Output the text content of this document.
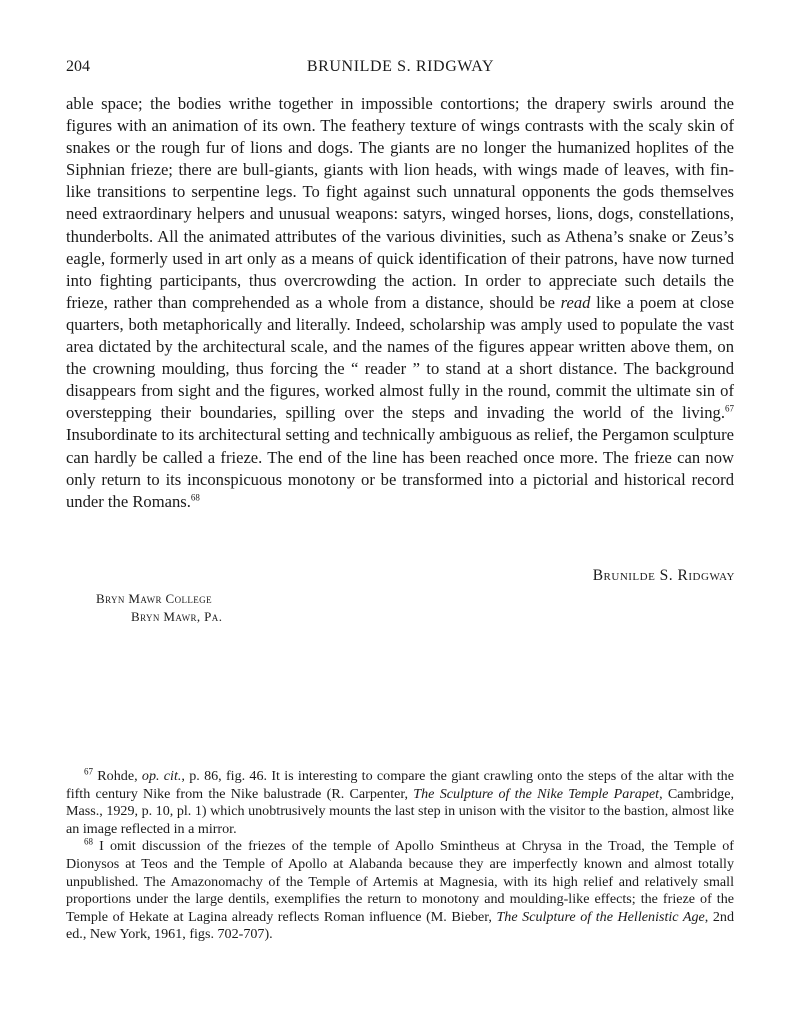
204	BRUNILDE S. RIDGWAY

able space; the bodies writhe together in impossible contortions; the drapery swirls around the figures with an animation of its own. The feathery texture of wings contrasts with the scaly skin of snakes or the rough fur of lions and dogs. The giants are no longer the humanized hoplites of the Siphnian frieze; there are bull-giants, giants with lion heads, with wings made of leaves, with fin-like transitions to serpentine legs. To fight against such unnatural opponents the gods themselves need extraordinary helpers and unusual weapons: satyrs, winged horses, lions, dogs, constellations, thunderbolts. All the animated attributes of the various divinities, such as Athena’s snake or Zeus’s eagle, formerly used in art only as a means of quick identification of their patrons, have now turned into fighting participants, thus overcrowding the action. In order to appreciate such details the frieze, rather than comprehended as a whole from a distance, should be read like a poem at close quarters, both metaphorically and literally. Indeed, scholarship was amply used to populate the vast area dictated by the architectural scale, and the names of the figures appear written above them, on the crowning moulding, thus forcing the “ reader ” to stand at a short distance. The background disappears from sight and the figures, worked almost fully in the round, commit the ultimate sin of overstepping their boundaries, spilling over the steps and invading the world of the living.$^{67}$ Insubordinate to its architectural setting and technically ambiguous as relief, the Pergamon sculpture can hardly be called a frieze. The end of the line has been reached once more. The frieze can now only return to its inconspicuous monotony or be transformed into a pictorial and historical record under the Romans.$^{68}$

Brunilde S. Ridgway
Bryn Mawr College
Bryn Mawr, Pa.

$^{67}$ Rohde, op. cit., p. 86, fig. 46. It is interesting to compare the giant crawling onto the steps of the altar with the fifth century Nike from the Nike balustrade (R. Carpenter, The Sculpture of the Nike Temple Parapet, Cambridge, Mass., 1929, p. 10, pl. 1) which unobtrusively mounts the last step in unison with the visitor to the bastion, almost like an image reflected in a mirror.

$^{68}$ I omit discussion of the friezes of the temple of Apollo Smintheus at Chrysa in the Troad, the Temple of Dionysos at Teos and the Temple of Apollo at Alabanda because they are imperfectly known and almost totally unpublished. The Amazonomachy of the Temple of Artemis at Magnesia, with its high relief and relatively small proportions under the large dentils, exemplifies the return to monotony and moulding-like effects; the frieze of the Temple of Hekate at Lagina already reflects Roman influence (M. Bieber, The Sculpture of the Hellenistic Age, 2nd ed., New York, 1961, figs. 702-707).
